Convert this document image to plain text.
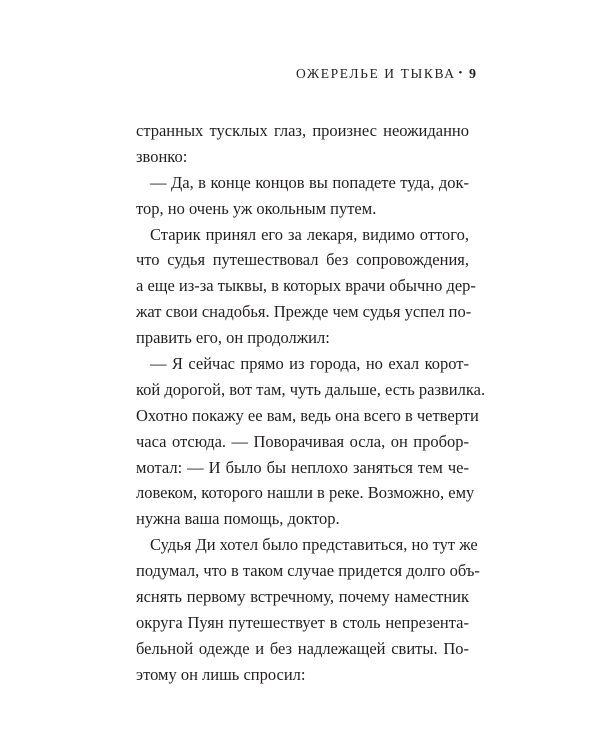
ОЖЕРЕЛЬЕ И ТЫКВА • 9
странных тусклых глаз, произнес неожиданно
звонко:
— Да, в конце концов вы попадете туда, док-
тор, но очень уж окольным путем.
Старик принял его за лекаря, видимо оттого,
что судья путешествовал без сопровождения,
а еще из-за тыквы, в которых врачи обычно дер-
жат свои снадобья. Прежде чем судья успел по-
править его, он продолжил:
— Я сейчас прямо из города, но ехал корот-
кой дорогой, вот там, чуть дальше, есть развилка.
Охотно покажу ее вам, ведь она всего в четверти
часа отсюда. — Поворачивая осла, он пробор-
мотал: — И было бы неплохо заняться тем че-
ловеком, которого нашли в реке. Возможно, ему
нужна ваша помощь, доктор.
Судья Ди хотел было представиться, но тут же
подумал, что в таком случае придется долго объ-
яснять первому встречному, почему наместник
округа Пуян путешествует в столь непрезента-
бельной одежде и без надлежащей свиты. По-
этому он лишь спросил:
